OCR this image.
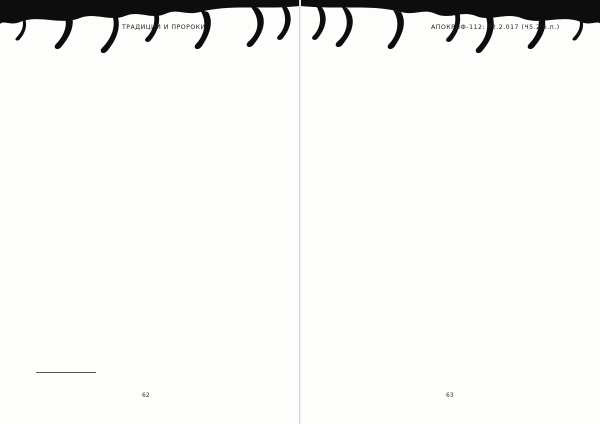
ТРАДИЦИИ И ПРОРОКИ

62
АПОКРИФ-112: 02.2.017 (Ч5.2 е.п.)

63
